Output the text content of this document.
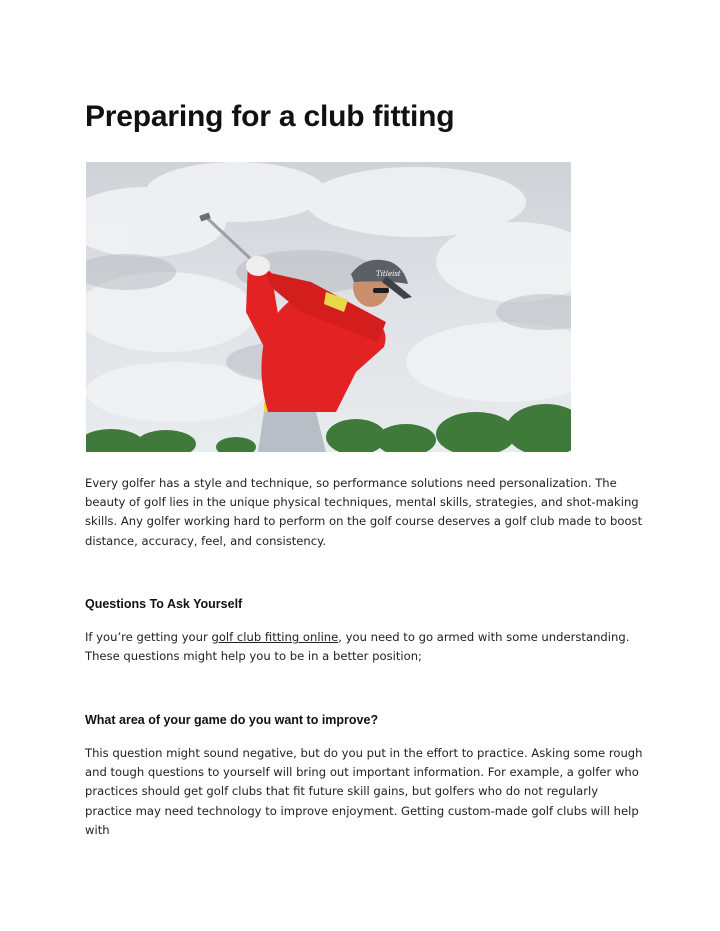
Preparing for a club fitting
Titleist

Every golfer has a style and technique, so performance solutions need personalization. The beauty of golf lies in the unique physical techniques, mental skills, strategies, and shot-making skills. Any golfer working hard to perform on the golf course deserves a golf club made to boost distance, accuracy, feel, and consistency.

Questions To Ask Yourself

If you’re getting your golf club fitting online, you need to go armed with some understanding. These questions might help you to be in a better position;

What area of your game do you want to improve?

This question might sound negative, but do you put in the effort to practice. Asking some rough and tough questions to yourself will bring out important information. For example, a golfer who practices should get golf clubs that fit future skill gains, but golfers who do not regularly practice may need technology to improve enjoyment. Getting custom-made golf clubs will help with
